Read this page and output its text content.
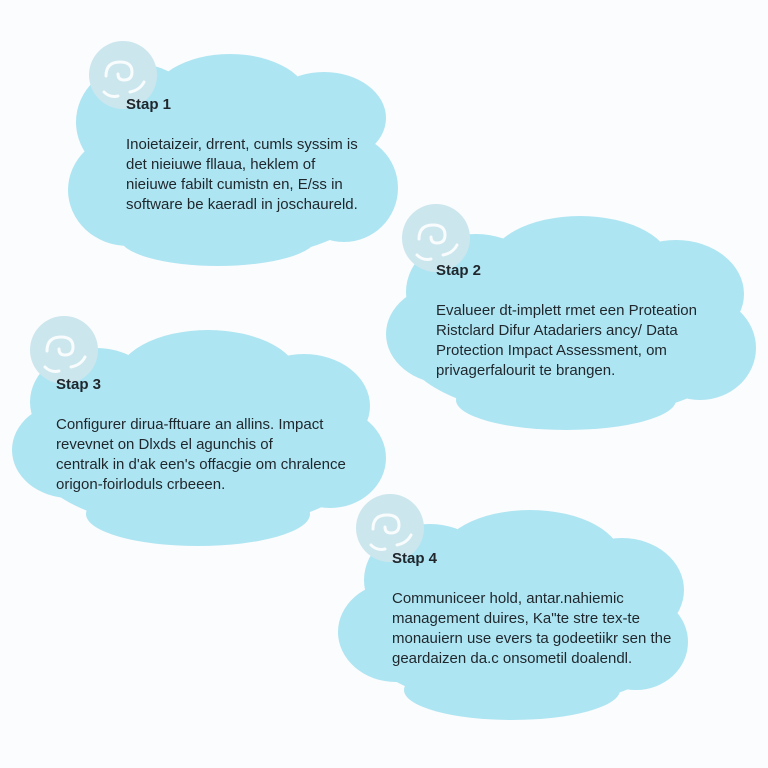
Stap 1
Inoietaizeir, drrent, cumls syssim is
det nieiuwe fllaua, heklem of
nieiuwe fabilt cumistn en, E/ss in
software be kaeradl in joschaureld.
Stap 2
Evalueer dt-implett rmet een Proteation
Ristclard Difur Atadariers ancy/ Data
Protection Impact Assessment, om
privagerfalourit te brangen.
Stap 3
Configurer dirua-fftuare an allins. Impact
revevnet on Dlxds el agunchis of
centralk in d'ak een's offacgie om chralence
origon-foirloduls crbeeen.
Stap 4
Communiceer hold, antar.nahiemic
management duires, Ka"te stre tex-te
monauiern use evers ta godeetiikr sen the
geardaizen da.c onsometil doalendl.
